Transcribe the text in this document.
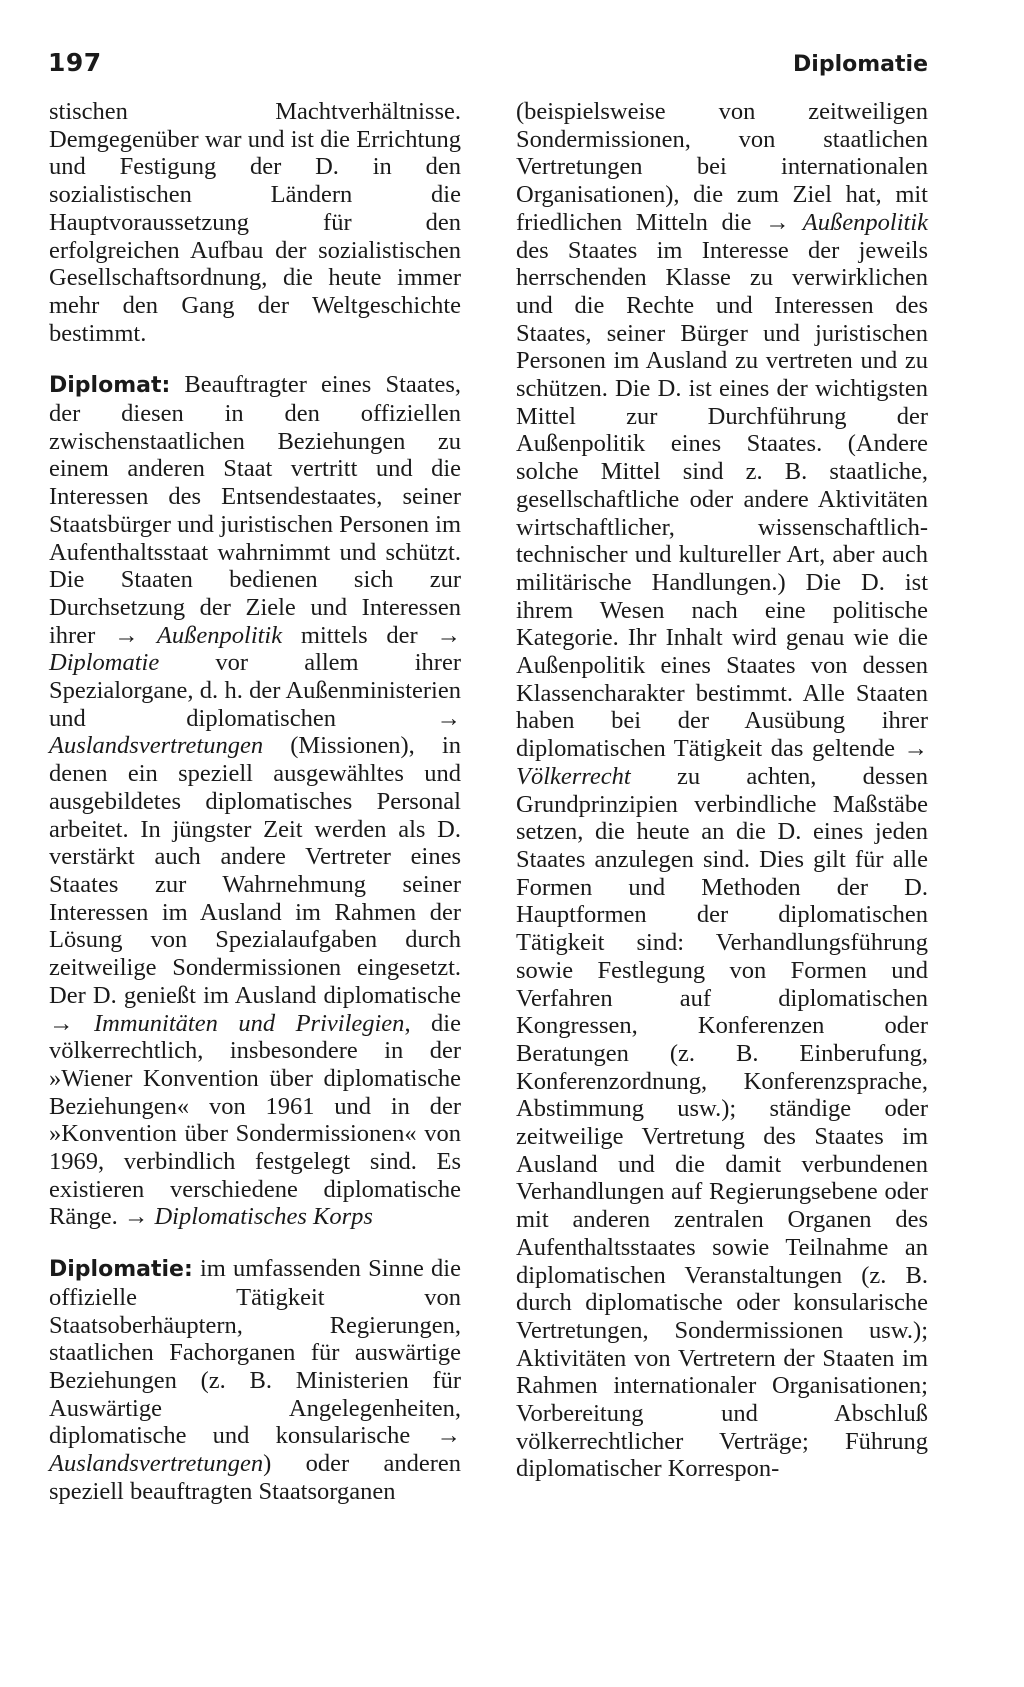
197	Diplomatie

stischen Machtverhältnisse. Demgegenüber war und ist die Errichtung und Festigung der D. in den sozialistischen Ländern die Hauptvoraussetzung für den erfolgreichen Aufbau der sozialistischen Gesellschaftsordnung, die heute immer mehr den Gang der Weltgeschichte bestimmt.

Diplomat: Beauftragter eines Staates, der diesen in den offiziellen zwischenstaatlichen Beziehungen zu einem anderen Staat vertritt und die Interessen des Entsendestaates, seiner Staatsbürger und juristischen Personen im Aufenthaltsstaat wahrnimmt und schützt. Die Staaten bedienen sich zur Durchsetzung der Ziele und Interessen ihrer → Außenpolitik mittels der → Diplomatie vor allem ihrer Spezialorgane, d. h. der Außenministerien und diplomatischen → Auslandsvertretungen (Missionen), in denen ein speziell ausgewähltes und ausgebildetes diplomatisches Personal arbeitet. In jüngster Zeit werden als D. verstärkt auch andere Vertreter eines Staates zur Wahrnehmung seiner Interessen im Ausland im Rahmen der Lösung von Spezialaufgaben durch zeitweilige Sondermissionen eingesetzt. Der D. genießt im Ausland diplomatische → Immunitäten und Privilegien, die völkerrechtlich, insbesondere in der »Wiener Konvention über diplomatische Beziehungen« von 1961 und in der »Konvention über Sondermissionen« von 1969, verbindlich festgelegt sind. Es existieren verschiedene diplomatische Ränge. → Diplomatisches Korps

Diplomatie: im umfassenden Sinne die offizielle Tätigkeit von Staatsoberhäuptern, Regierungen, staatlichen Fachorganen für auswärtige Beziehungen (z. B. Ministerien für Auswärtige Angelegenheiten, diplomatische und konsularische → Auslandsvertretungen) oder anderen speziell beauftragten Staatsorganen

(beispielsweise von zeitweiligen Sondermissionen, von staatlichen Vertretungen bei internationalen Organisationen), die zum Ziel hat, mit friedlichen Mitteln die → Außenpolitik des Staates im Interesse der jeweils herrschenden Klasse zu verwirklichen und die Rechte und Interessen des Staates, seiner Bürger und juristischen Personen im Ausland zu vertreten und zu schützen. Die D. ist eines der wichtigsten Mittel zur Durchführung der Außenpolitik eines Staates. (Andere solche Mittel sind z. B. staatliche, gesellschaftliche oder andere Aktivitäten wirtschaftlicher, wissenschaftlich-technischer und kultureller Art, aber auch militärische Handlungen.) Die D. ist ihrem Wesen nach eine politische Kategorie. Ihr Inhalt wird genau wie die Außenpolitik eines Staates von dessen Klassencharakter bestimmt. Alle Staaten haben bei der Ausübung ihrer diplomatischen Tätigkeit das geltende → Völkerrecht zu achten, dessen Grundprinzipien verbindliche Maßstäbe setzen, die heute an die D. eines jeden Staates anzulegen sind. Dies gilt für alle Formen und Methoden der D. Hauptformen der diplomatischen Tätigkeit sind: Verhandlungsführung sowie Festlegung von Formen und Verfahren auf diplomatischen Kongressen, Konferenzen oder Beratungen (z. B. Einberufung, Konferenzordnung, Konferenzsprache, Abstimmung usw.); ständige oder zeitweilige Vertretung des Staates im Ausland und die damit verbundenen Verhandlungen auf Regierungsebene oder mit anderen zentralen Organen des Aufenthaltsstaates sowie Teilnahme an diplomatischen Veranstaltungen (z. B. durch diplomatische oder konsularische Vertretungen, Sondermissionen usw.); Aktivitäten von Vertretern der Staaten im Rahmen internationaler Organisationen; Vorbereitung und Abschluß völkerrechtlicher Verträge; Führung diplomatischer Korrespon-
